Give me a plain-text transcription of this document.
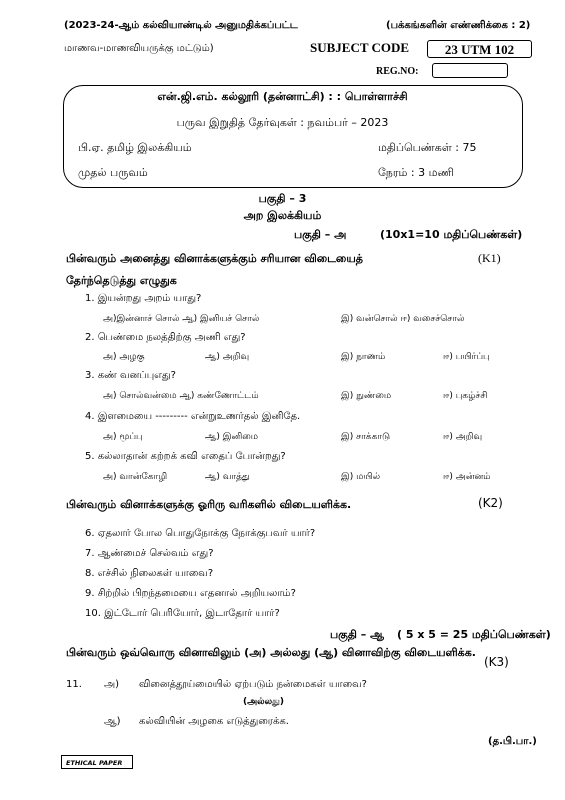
(2023-24-ஆம் கல்வியாண்டில் அனுமதிக்கப்பட்ட	(பக்கங்களின் எண்ணிக்கை : 2)
மாணவ-மாணவியருக்கு மட்டும்)	SUBJECT CODE	23 UTM 102
REG.NO:
என்.ஜி.எம். கல்லூரி (தன்னாட்சி) : : பொள்ளாச்சி
பருவ இறுதித் தேர்வுகள் : நவம்பர் – 2023
பி.ஏ. தமிழ் இலக்கியம்	மதிப்பெண்கள் : 75
முதல் பருவம்	நேரம் : 3 மணி
பகுதி – 3
அற இலக்கியம்
பகுதி – அ	(10x1=10 மதிப்பெண்கள்)
பின்வரும் அனைத்து வினாக்களுக்கும் சரியான விடையைத்	(K1)
தேர்ந்தெடுத்து எழுதுக
1. இயன்றது அறம் யாது?
அ)இன்னாச் சொல் ஆ) இனியச் சொல்	இ) வன்சொல் ஈ) வசைச்சொல்
2. பெண்மை நலத்திற்கு அணி எது?
அ) அழகு	ஆ) அறிவு	இ) நாணம்	ஈ) பயிர்ப்பு
3. கண் வனப்புஎது?
அ) சொல்வன்மை ஆ) கண்ணோட்டம்	இ) நுண்மை	ஈ) புகழ்ச்சி
4. இளமையை --------- என்றுஉணர்தல் இனிதே.
அ) மூப்பு	ஆ) இனிமை	இ) சாக்காடு	ஈ) அறிவு
5. கல்லாதான் கற்றக் கவி எதைப் போன்றது?
அ) வான்கோழி	ஆ) வாத்து	இ) மயில்	ஈ) அன்னம்
பின்வரும் வினாக்களுக்கு ஓரிரு வரிகளில் விடையளிக்க.	(K2)
6. ஏதலார் போல பொதுநோக்கு நோக்குபவர் யார்?
7. ஆண்மைச் செல்வம் எது?
8. எச்சில் நிலைகள் யாவை?
9. சிற்றில் பிறந்தமையை எதனால் அறியலாம்?
10. இட்டோர் பெரியோர், இடாதோர் யார்?
பகுதி – ஆ ( 5 x 5 = 25 மதிப்பெண்கள்)
பின்வரும் ஒவ்வொரு வினாவிலும் (அ) அல்லது (ஆ) வினாவிற்கு விடையளிக்க.
(K3)
11. அ) வினைத்தூய்மையில் ஏற்படும் நன்மைகள் யாவை?
(அல்லது)
ஆ) கல்வியின் அழகை எடுத்துரைக்க.
(த.பி.பா.)
ETHICAL PAPER
